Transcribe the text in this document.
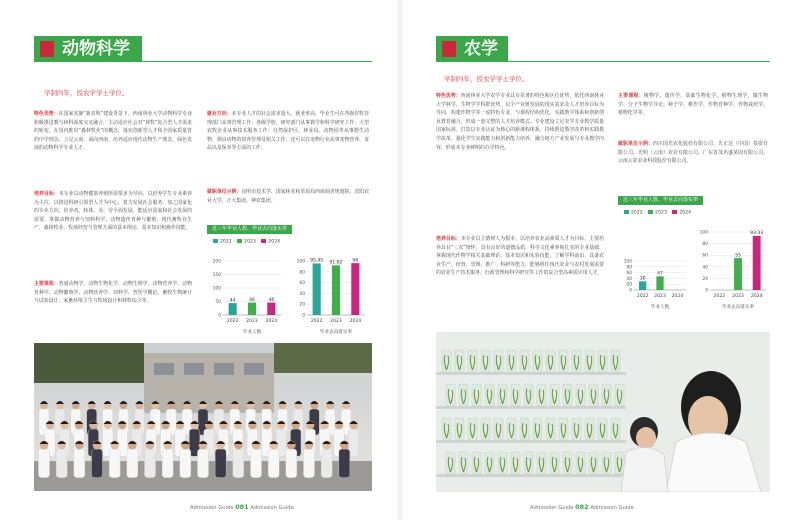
动物科学
学制四年，授农学学士学位。
特色优势：在国家实施“新农科”建设背景下，西南林业大学动物科学专业积极推进教与林科深度交叉融合，主动适应社会对“林牧”复合型人才需求的转变，在国内推出“森林牧业”的概念，落实创新型人才和全国家质量育的中学理念，立足云南，面向西南，培养适应现代动物生产理念，绿色发展的动物科学专业人才。
培养目标：本专业以动物健康养殖所需要求为导向，以培养学生专业素养为主位，以推进科研引领型人才为中心，着力发展社会服务，加之国家化的专业方向，培养者、转体、美、劳全面发展，能适应国家和社会发展的需要，掌握动物营养与饲料科学、动物遗传育种与繁殖、现代畜牧业生产、森林牧业、牧场经营与管理方面的基本理论、基本知识和操作技能。
主要课程：普通动物学、动物生物化学、动物生理学、动物营养学、动物育种学、动物繁殖学、动物营养学、饲料学、普医学概论、畜牧生物统计与试验设计、家畜环境卫生与牧场设计和林牧综合等。
就业方向：本专业人才的社会需求量大，就业率高，毕业生可在各级农牧管理部门从事管理工作；各级学校、研究部门从事教学和科学研究工作；大型农牧企业从事技术服务工作；自然保护区、林业局、动物园等从事野生动物、驯良动物的饲养管理及相关工作；还可以在宠物行业从事宠物营养、食品以及保养等方面的工作。
就职单位示例：昆明市技术学、国家林业和草原局西南调查规划院、沈阳农业大学、正大集团、神农集团。
近三年毕业人数、毕业去向落实率
2022	2023	2024
0
50
100
150
200
44
2022
46
2023
46
2024
毕业人数
0
20
40
60
80
100 95.45
2022
91.82
2023
96
2024
毕业去向落实率
Admission Guide 081 Admission Guide
农学
学制四年，授农学学士学位。
特色优势：西南林业大学农学专业具有显著的特色和区位优势，依托西南林业大学林学、生物学学科群优势，以全产业链发展的现实需求及人才培养目标为导向，构建作物学等一流特色专业，与课程结构优化、实践教学体系和创新创业教育融合，形成一套完整的人才培养模式。专业建设立足农学专业教学质量国家标准，打造以专业认证为核心的新课程体系，持续推进教学改革和实践教学改革，强化学生实践能力和创新能力培养，融合地方产业发展与专业教学内容，形成本专业鲜明的办学特色。
培养目标：本专业以立德树人为根本，以培养农业高素质人才为目标，主要培养具有“三农”情怀，具有良好的道德品质，科学文化素养和扎实的专业基础，掌握现代作物学相关基础理论、基本知识和实验技能，了解学科前沿，具备农业生产、经营、管理、推广、科研等能力，能够胜任现代农业与农村发展需要的农业生产技术服务、行政管理和科学研究等工作的复合型高素质应用人才。
主要课程：植物学、遗传学、基础生物化学、植物生理学、微生物学、分子生物学导论、种子学、耕作学、作物育种学、作物栽培学、植物化学等。
就职单位示例：四川国光农化股份有限公司、先正达（中国）投资有限公司、光明（云南）农业有限公司、广东省茂名盛某园有限公司、云南云农农业科技股份有限公司。
近三年毕业人数、毕业去向落实率
2022	2023	2024
0
20
40
60
80
100
30
2022
47
2023 2024
毕业人数
0
20
40
60
80
100
2022
55
2023
93.33
2024
毕业去向落实率
Admission Guide 082 Admission Guide
